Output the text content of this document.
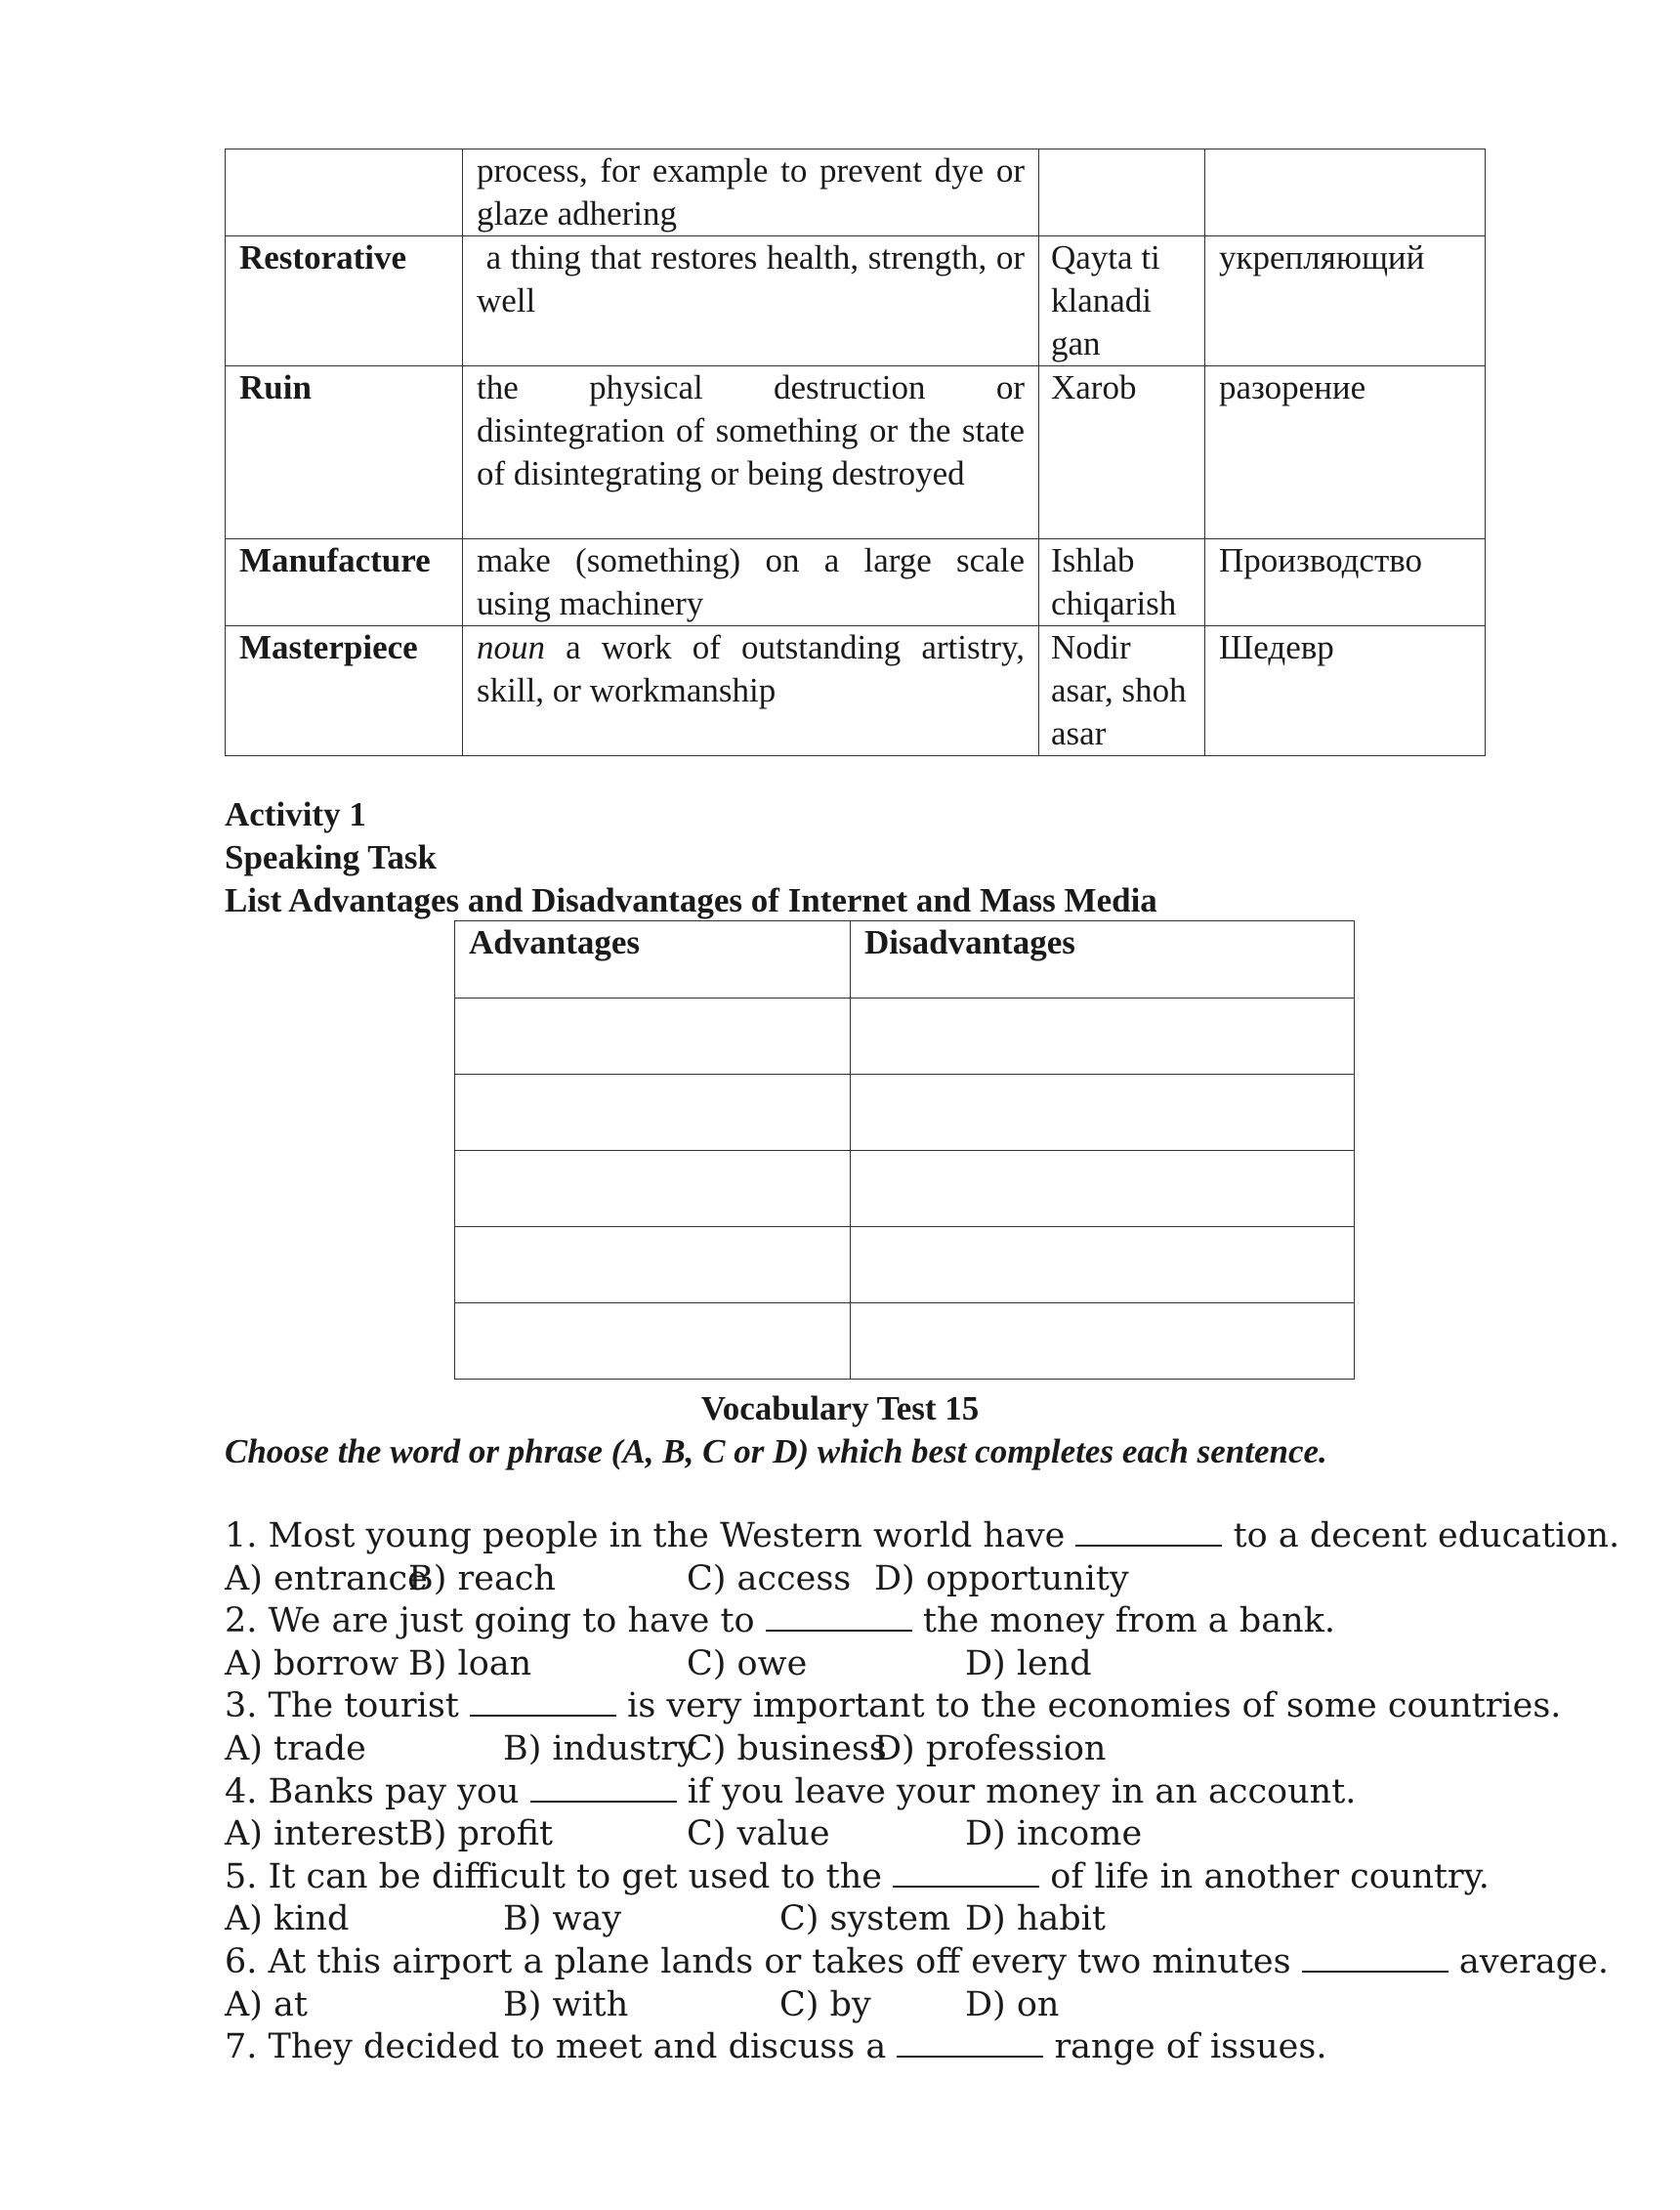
	process, for example to prevent dye or glaze adhering		
Restorative	a thing that restores health, strength, or well	Qayta tiklanadi gan	укрепляющий
Ruin	the physical destruction or disintegration of something or the state of disintegrating or being destroyed	Xarob	разорение
Manufacture	make (something) on a large scale using machinery	Ishlab chiqarish	Производство
Masterpiece	noun a work of outstanding artistry, skill, or workmanship	Nodir asar, shoh asar	Шедевр
Activity 1
Speaking Task
List Advantages and Disadvantages of Internet and Mass Media
Advantages	Disadvantages

Vocabulary Test 15
Choose the word or phrase (A, B, C or D) which best completes each sentence.
1. Most young people in the Western world have	to a decent education.
A) entrance
B) reach	C) access D) opportunity
2. We are just going to have to	the money from a bank.
A) borrow B) loan	C) owe	D) lend
3. The tourist	is very important to the economies of some countries.
A) trade	B) industry
C) business
D) profession
4. Banks pay you	if you leave your money in an account.
A) interest B) profit	C) value	D) income
5. It can be difficult to get used to the	of life in another country.
A) kind	B) way	C) system D) habit
6. At this airport a plane lands or takes off every two minutes	average.
A) at	B) with	C) by	D) on
7. They decided to meet and discuss a	range of issues.
